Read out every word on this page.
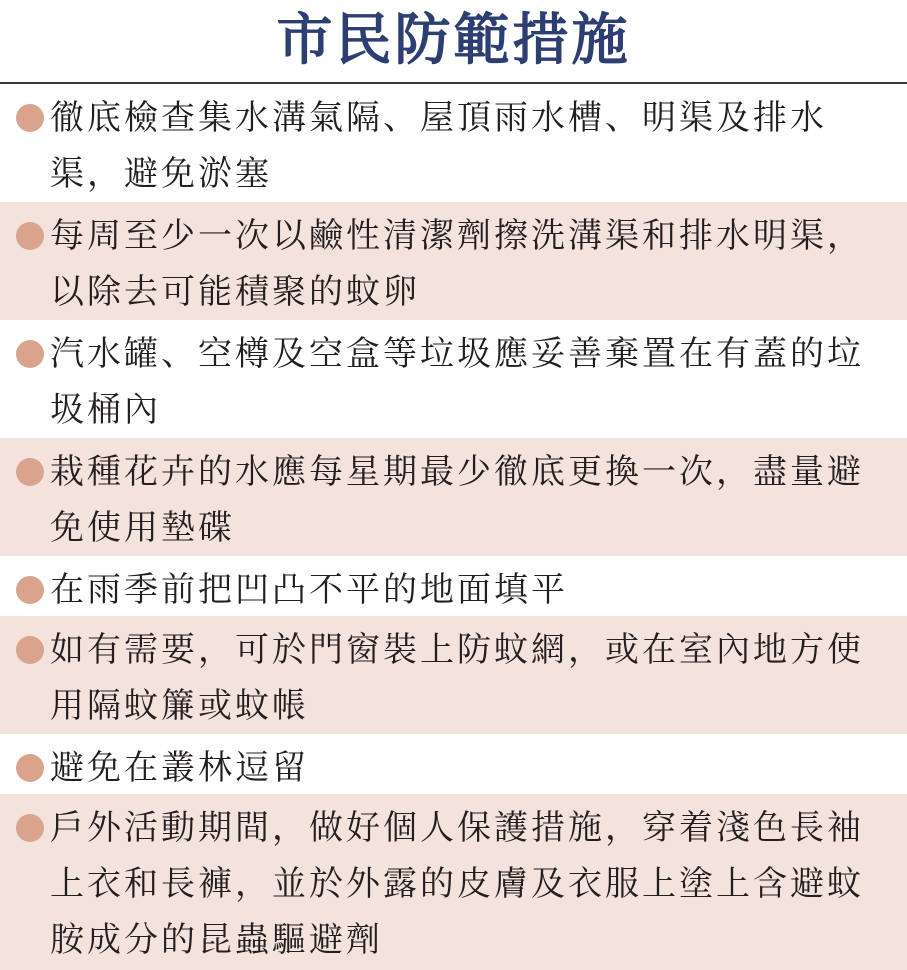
市民防範措施
徹底檢查集水溝氣隔、屋頂雨水槽、明渠及排水渠，避免淤塞
每周至少一次以鹼性清潔劑擦洗溝渠和排水明渠，以除去可能積聚的蚊卵
汽水罐、空樽及空盒等垃圾應妥善棄置在有蓋的垃圾桶內
栽種花卉的水應每星期最少徹底更換一次，盡量避免使用墊碟
在雨季前把凹凸不平的地面填平
如有需要，可於門窗裝上防蚊網，或在室內地方使用隔蚊簾或蚊帳
避免在叢林逗留
戶外活動期間，做好個人保護措施，穿着淺色長袖上衣和長褲，並於外露的皮膚及衣服上塗上含避蚊胺成分的昆蟲驅避劑
